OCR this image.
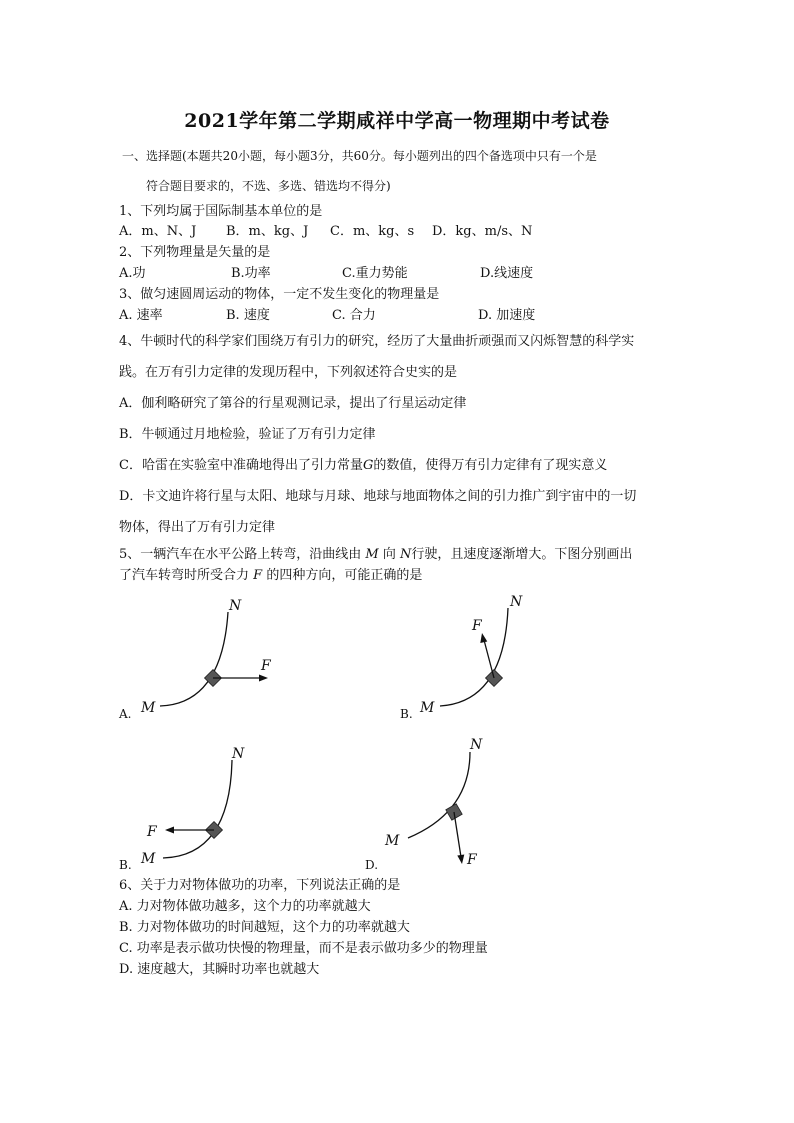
2021学年第二学期咸祥中学高一物理期中考试卷
一、选择题(本题共20小题，每小题3分，共60分。每小题列出的四个备选项中只有一个是
符合题目要求的，不选、多选、错选均不得分)
1、下列均属于国际制基本单位的是
A．m、N、J B．m、kg、J C．m、kg、s D．kg、m/s、N
2、下列物理量是矢量的是
A.功	B.功率	C.重力势能	D.线速度
3、做匀速圆周运动的物体，一定不发生变化的物理量是
A. 速率	B. 速度	C. 合力	D. 加速度
4、牛顿时代的科学家们围绕万有引力的研究，经历了大量曲折顽强而又闪烁智慧的科学实
践。在万有引力定律的发现历程中，下列叙述符合史实的是
A．伽利略研究了第谷的行星观测记录，提出了行星运动定律
B．牛顿通过月地检验，验证了万有引力定律
C．哈雷在实验室中准确地得出了引力常量G的数值，使得万有引力定律有了现实意义
D．卡文迪许将行星与太阳、地球与月球、地球与地面物体之间的引力推广到宇宙中的一切
物体，得出了万有引力定律
5、一辆汽车在水平公路上转弯，沿曲线由 M 向 N行驶，且速度逐渐增大。下图分别画出
了汽车转弯时所受合力 F 的四种方向，可能正确的是
A. M
N
F
B. M
N
F
B. M
N
F
D.
M
N
F
6、关于力对物体做功的功率，下列说法正确的是
A. 力对物体做功越多，这个力的功率就越大
B. 力对物体做功的时间越短，这个力的功率就越大
C. 功率是表示做功快慢的物理量，而不是表示做功多少的物理量
D. 速度越大，其瞬时功率也就越大
